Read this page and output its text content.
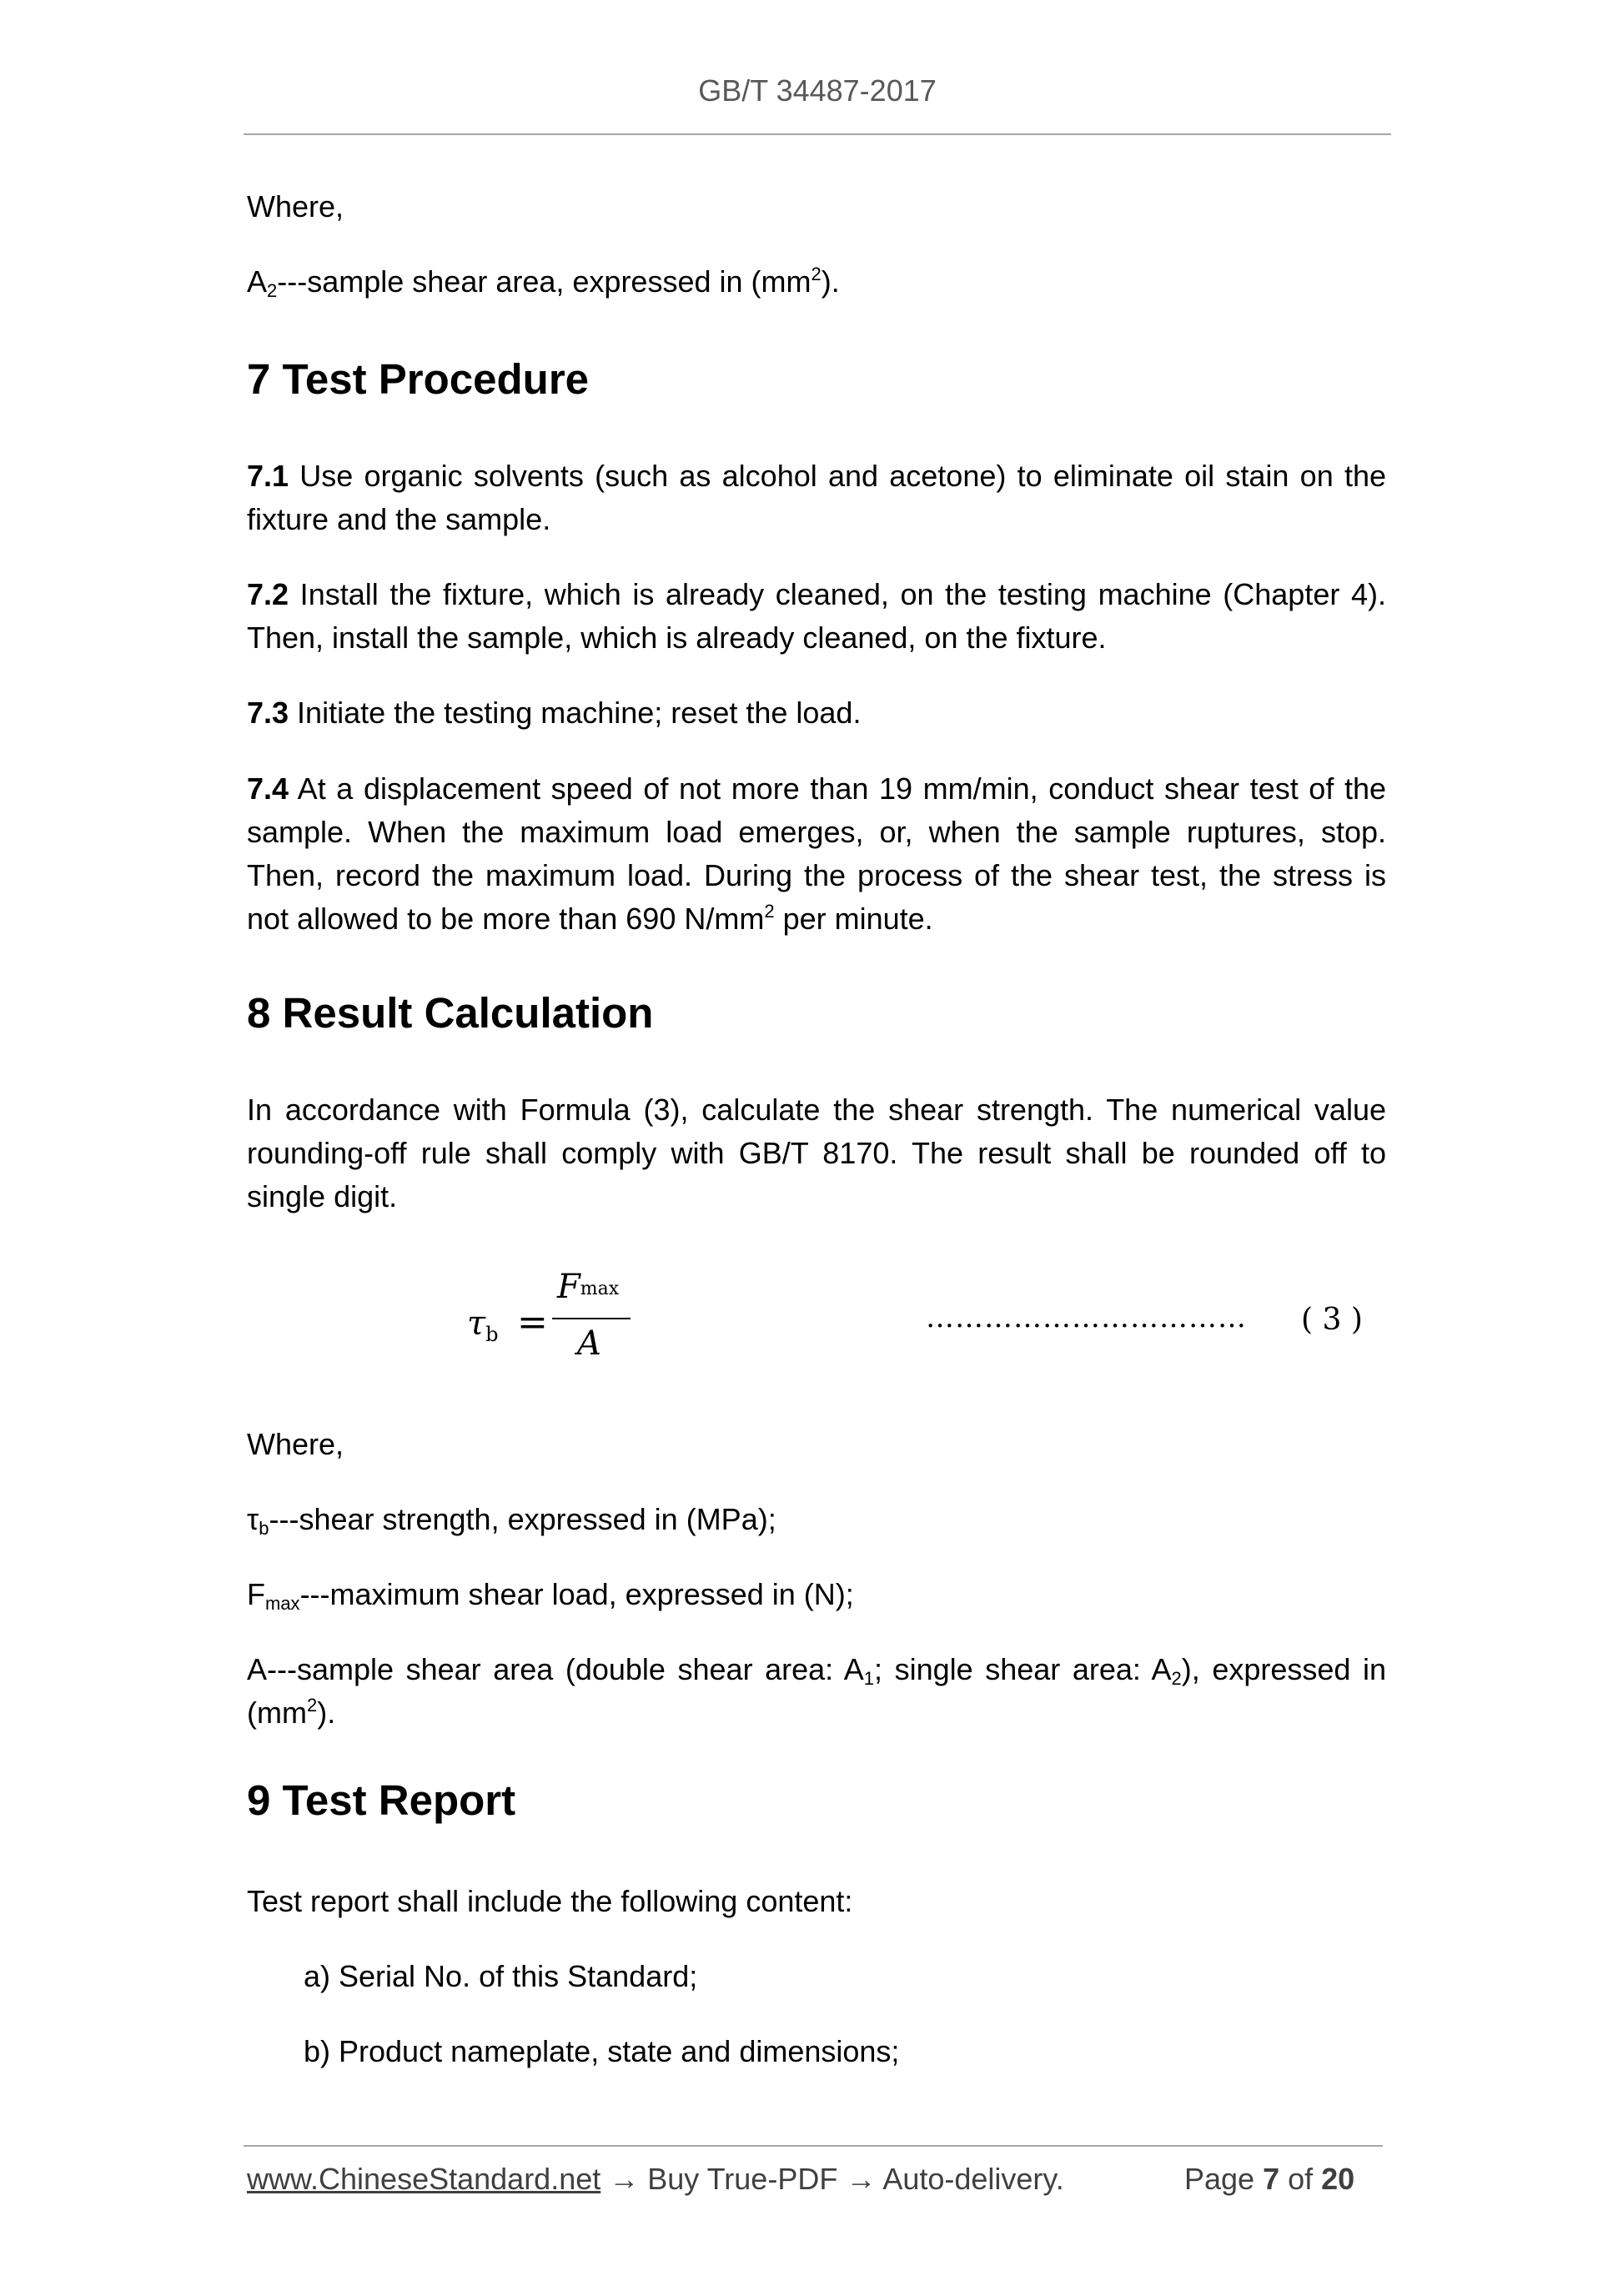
GB/T 34487-2017
Where,
$A_2--$-sample shear area, expressed in $(mm^2)$.
7 Test Procedure
7.1 Use organic solvents (such as alcohol and acetone) to eliminate oil stain on the fixture and the sample.
7.2 Install the fixture, which is already cleaned, on the testing machine (Chapter 4). Then, install the sample, which is already cleaned, on the fixture.
7.3 Initiate the testing machine; reset the load.
7.4 At a displacement speed of not more than 19 mm/min, conduct shear test of the sample. When the maximum load emerges, or, when the sample ruptures, stop. Then, record the maximum load. During the process of the shear test, the stress is not allowed to be more than 690 $N/mm^2$ per minute.
8 Result Calculation
In accordance with Formula (3), calculate the shear strength. The numerical value rounding-off rule shall comply with GB/T 8170. The result shall be rounded off to single digit.
Where,
$\tau_b--$-shear strength, expressed in (MPa);
$F_{max}--$-maximum shear load, expressed in (N);
A---sample shear area (double shear area: $A_1$; single shear area: $A_2$), expressed in $(mm^2)$.
9 Test Report
Test report shall include the following content:
a) Serial No. of this Standard;
b) Product nameplate, state and dimensions;
$\tau_b$ =
$F_{max}$
A
…………………………… ( 3 )
www.ChineseStandard.net → Buy True-PDF → Auto-delivery.	Page 7 of 20
